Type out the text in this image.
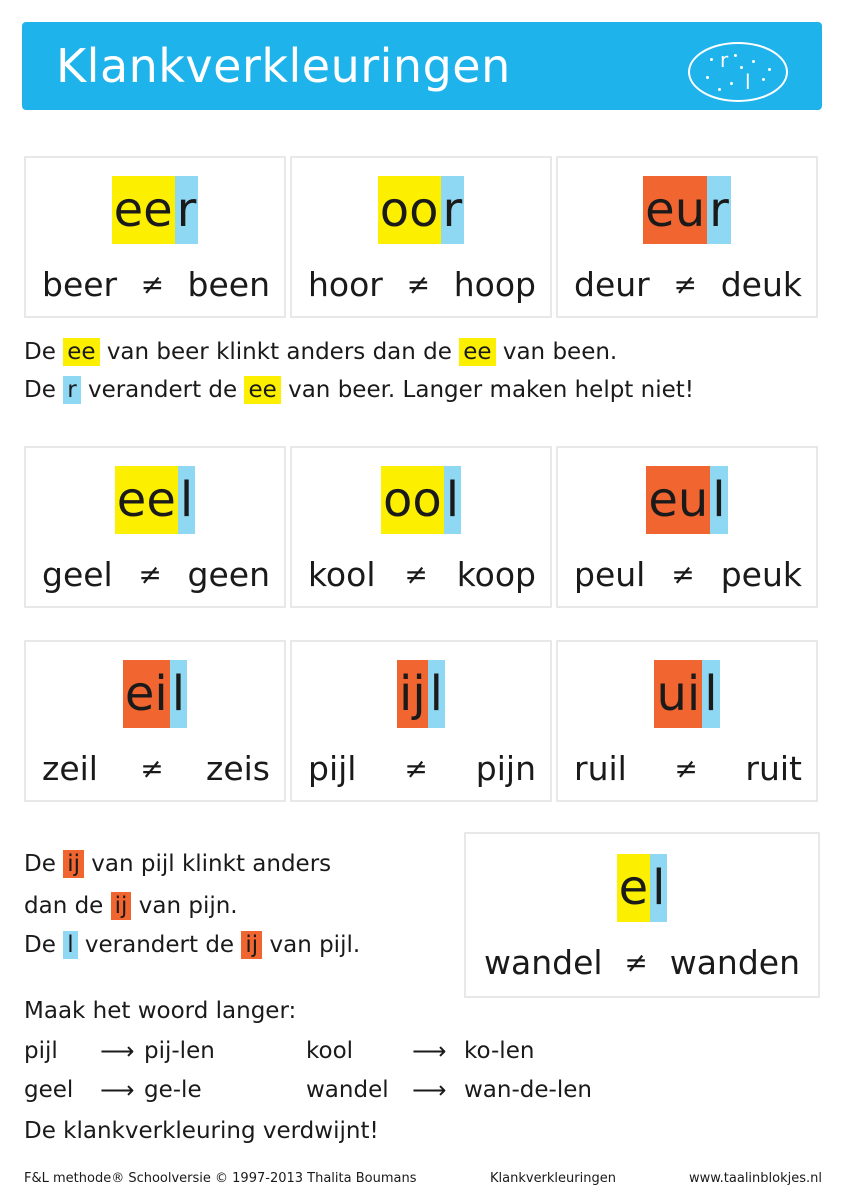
Klankverkleuringen	r
l
ee r
beer ≠ been
oo r
hoor ≠ hoop
eu r
deur ≠ deuk
De ee van beer klinkt anders dan de ee van been.
De r verandert de ee van beer. Langer maken helpt niet!
ee l
geel ≠ geen
oo l
kool ≠ koop
eu l
peul ≠ peuk
ei l
zeil ≠ zeis
ij l
pijl ≠ pijn
ui l
ruil ≠ ruit
De ij van pijl klinkt anders
dan de ij van pijn.
De l verandert de ij van pijl.
e l
wandel ≠ wanden
Maak het woord langer:
pijl ⟶ pij-len	kool ⟶ ko-len
geel ⟶ ge-le	wandel ⟶ wan-de-len
De klankverkleuring verdwijnt!
F&L methode® Schoolversie © 1997-2013 Thalita Boumans	Klankverkleuringen	www.taalinblokjes.nl
